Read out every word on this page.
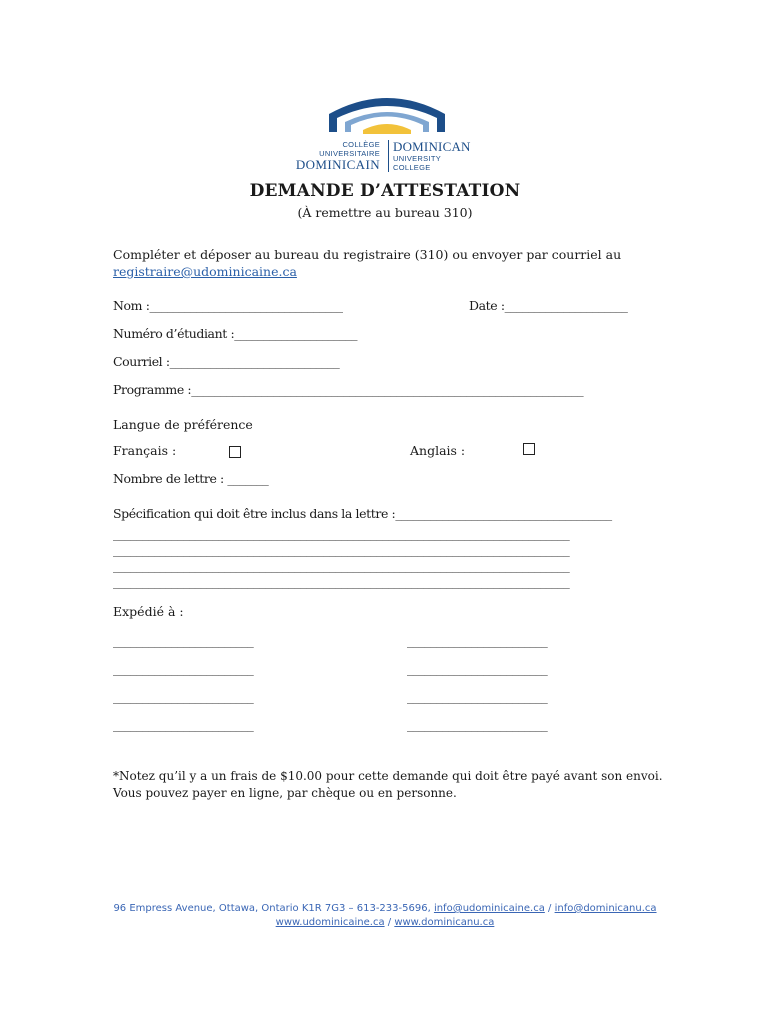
COLLÈGE UNIVERSITAIRE
DOMINICAIN
DOMINICAN
UNIVERSITY COLLEGE
DEMANDE D’ATTESTATION
(À remettre au bureau 310)
Compléter et déposer au bureau du registraire (310) ou envoyer par courriel au
registraire@udominicaine.ca
Nom :_________________________________	Date :_____________________
Numéro d’étudiant :_____________________
Courriel :_____________________________
Programme :___________________________________________________________________
Langue de préférence
Français :	Anglais :
Nombre de lettre : _______
Spécification qui doit être inclus dans la lettre :_____________________________________
______________________________________________________________________________
______________________________________________________________________________
______________________________________________________________________________
______________________________________________________________________________
Expédié à :
________________________	________________________
________________________	________________________
________________________	________________________
________________________	________________________
*Notez qu’il y a un frais de $10.00 pour cette demande qui doit être payé avant son envoi.
Vous pouvez payer en ligne, par chèque ou en personne.
96 Empress Avenue, Ottawa, Ontario K1R 7G3 – 613-233-5696, info@udominicaine.ca / info@dominicanu.ca
www.udominicaine.ca / www.dominicanu.ca
